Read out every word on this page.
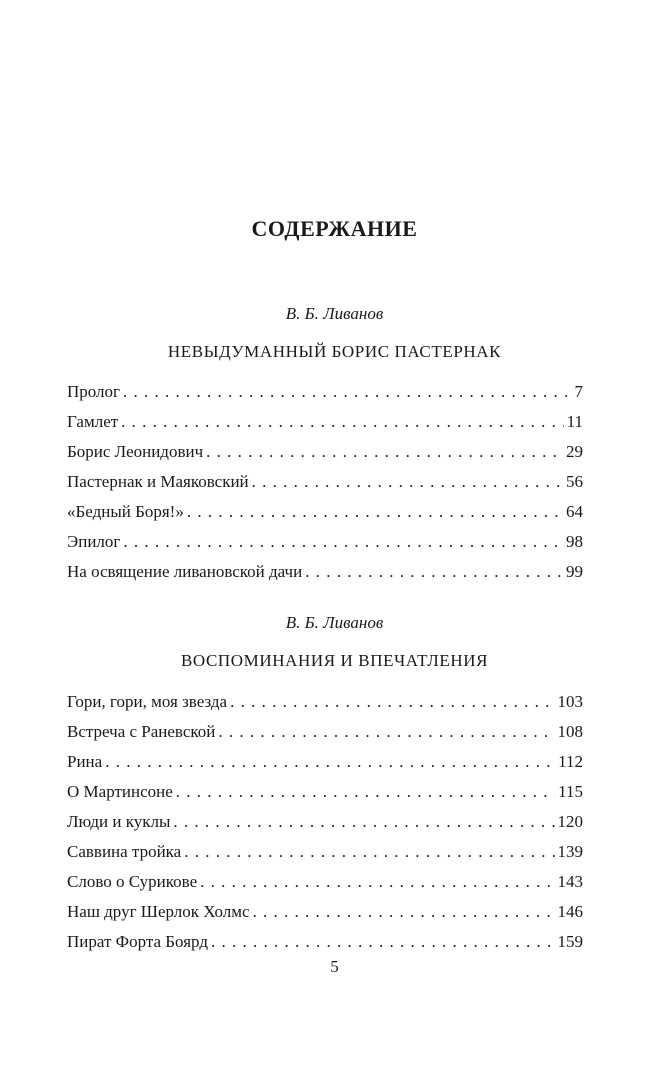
СОДЕРЖАНИЕ
В. Б. Ливанов
НЕВЫДУМАННЫЙ БОРИС ПАСТЕРНАК
Пролог . . .	7
Гамлет . . .	11
Борис Леонидович . . .	29
Пастернак и Маяковский . . .	56
«Бедный Боря!» . . .	64
Эпилог . . .	98
На освящение ливановской дачи . . .	99
В. Б. Ливанов
ВОСПОМИНАНИЯ И ВПЕЧАТЛЕНИЯ
Гори, гори, моя звезда . . .	103
Встреча с Раневской . . .	108
Рина . . .	112
О Мартинсоне . . .	115
Люди и куклы . . .	120
Саввина тройка . . .	139
Слово о Сурикове . . .	143
Наш друг Шерлок Холмс . . .	146
Пират Форта Боярд . . .	159
5
